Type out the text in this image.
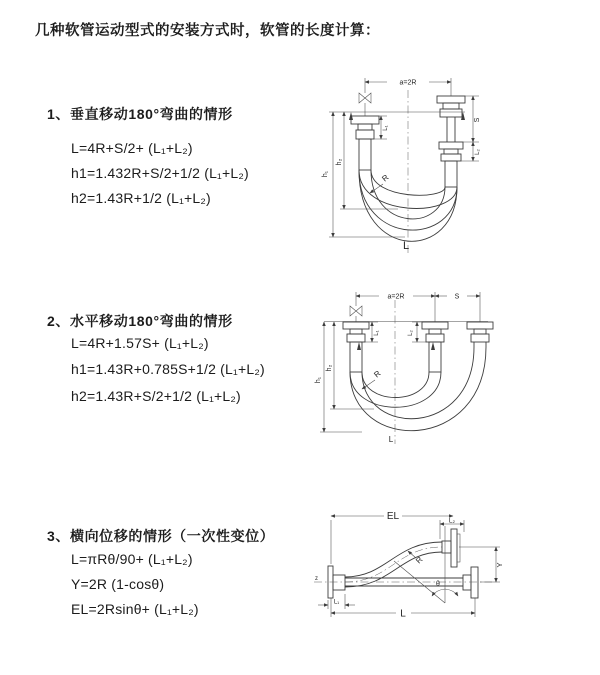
几种软管运动型式的安装方式时，软管的长度计算：
1、垂直移动180°弯曲的情形
L=4R+S/2+ (L₁+L₂)
h1=1.432R+S/2+1/2 (L₁+L₂)
h2=1.43R+1/2 (L₁+L₂)
2、水平移动180°弯曲的情形
L=4R+1.57S+ (L₁+L₂)
h1=1.43R+0.785S+1/2 (L₁+L₂)
h2=1.43R+S/2+1/2 (L₁+L₂)
3、横向位移的情形（一次性变位）
L=πRθ/90+ (L₁+L₂)
Y=2R (1-cosθ)
EL=2Rsinθ+ (L₁+L₂)
a=2R
h₁
h₂
L₁
S
L₂
R
L
a=2R	S
h₁
h₂
L₁	L₂
R
L
EL	L₂
z
Y
θ
R
L
L₁
